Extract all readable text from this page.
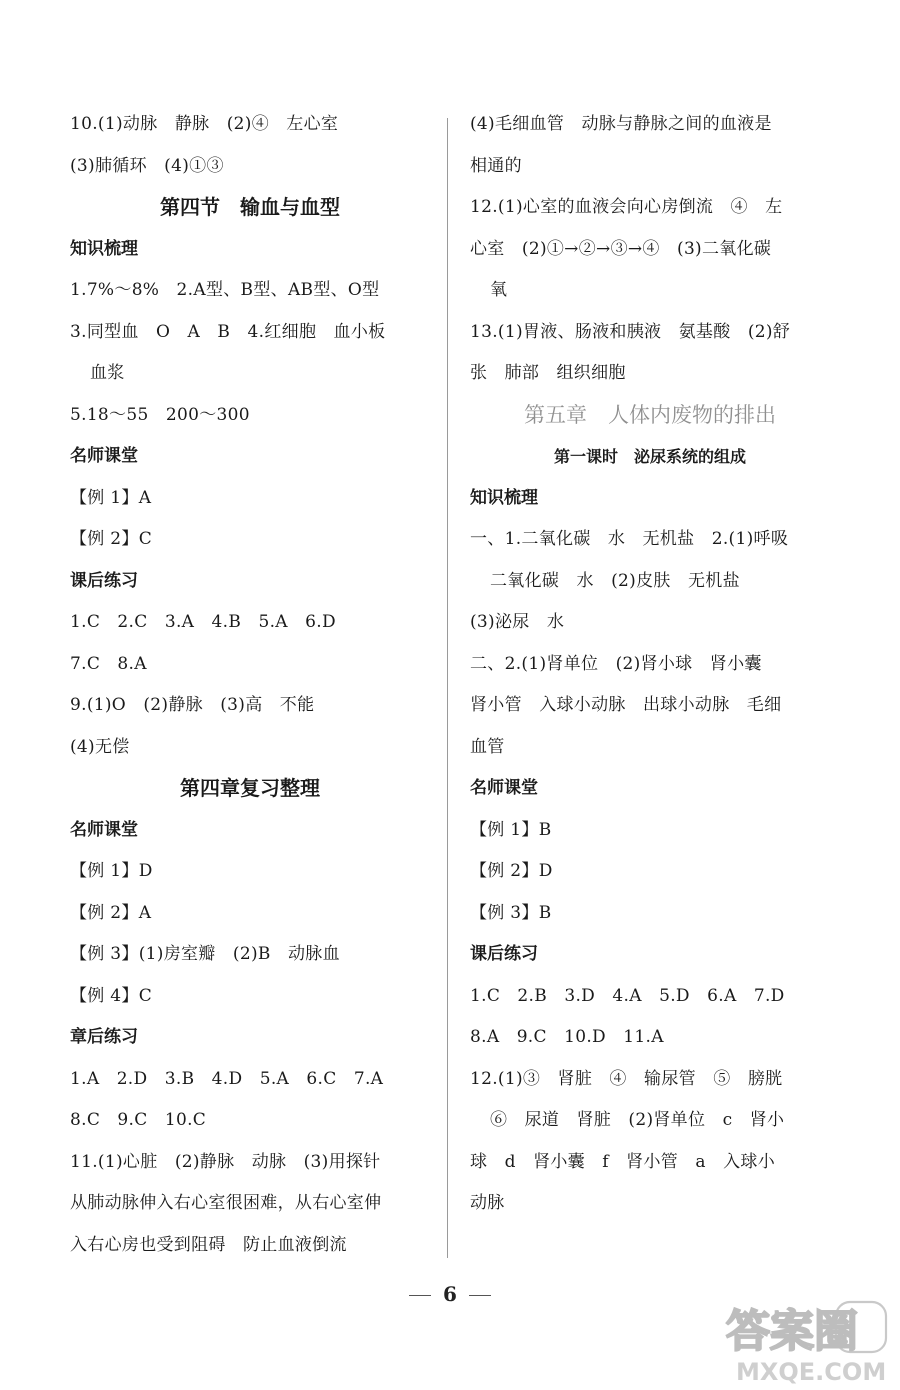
10.(1)动脉　静脉　(2)④　左心室
(3)肺循环　(4)①③
第四节　输血与血型
知识梳理
1.7%～8%　2.A型、B型、AB型、O型
3.同型血　O　A　B　4.红细胞　血小板
血浆
5.18～55　200～300
名师课堂
【例 1】A
【例 2】C
课后练习
1.C　2.C　3.A　4.B　5.A　6.D
7.C　8.A
9.(1)O　(2)静脉　(3)高　不能
(4)无偿
第四章复习整理
名师课堂
【例 1】D
【例 2】A
【例 3】(1)房室瓣　(2)B　动脉血
【例 4】C
章后练习
1.A　2.D　3.B　4.D　5.A　6.C　7.A
8.C　9.C　10.C
11.(1)心脏　(2)静脉　动脉　(3)用探针
从肺动脉伸入右心室很困难，从右心室伸
入右心房也受到阻碍　防止血液倒流
(4)毛细血管　动脉与静脉之间的血液是
相通的
12.(1)心室的血液会向心房倒流　④　左
心室　(2)①→②→③→④　(3)二氧化碳
氧
13.(1)胃液、肠液和胰液　氨基酸　(2)舒
张　肺部　组织细胞
第五章　人体内废物的排出
第一课时　泌尿系统的组成
知识梳理
一、1.二氧化碳　水　无机盐　2.(1)呼吸
二氧化碳　水　(2)皮肤　无机盐
(3)泌尿　水
二、2.(1)肾单位　(2)肾小球　肾小囊
肾小管　入球小动脉　出球小动脉　毛细
血管
名师课堂
【例 1】B
【例 2】D
【例 3】B
课后练习
1.C　2.B　3.D　4.A　5.D　6.A　7.D
8.A　9.C　10.D　11.A
12.(1)③　肾脏　④　输尿管　⑤　膀胱
⑥　尿道　肾脏　(2)肾单位　c　肾小
球　d　肾小囊　f　肾小管　a　入球小
动脉
6
答案圈
MXQE.COM
